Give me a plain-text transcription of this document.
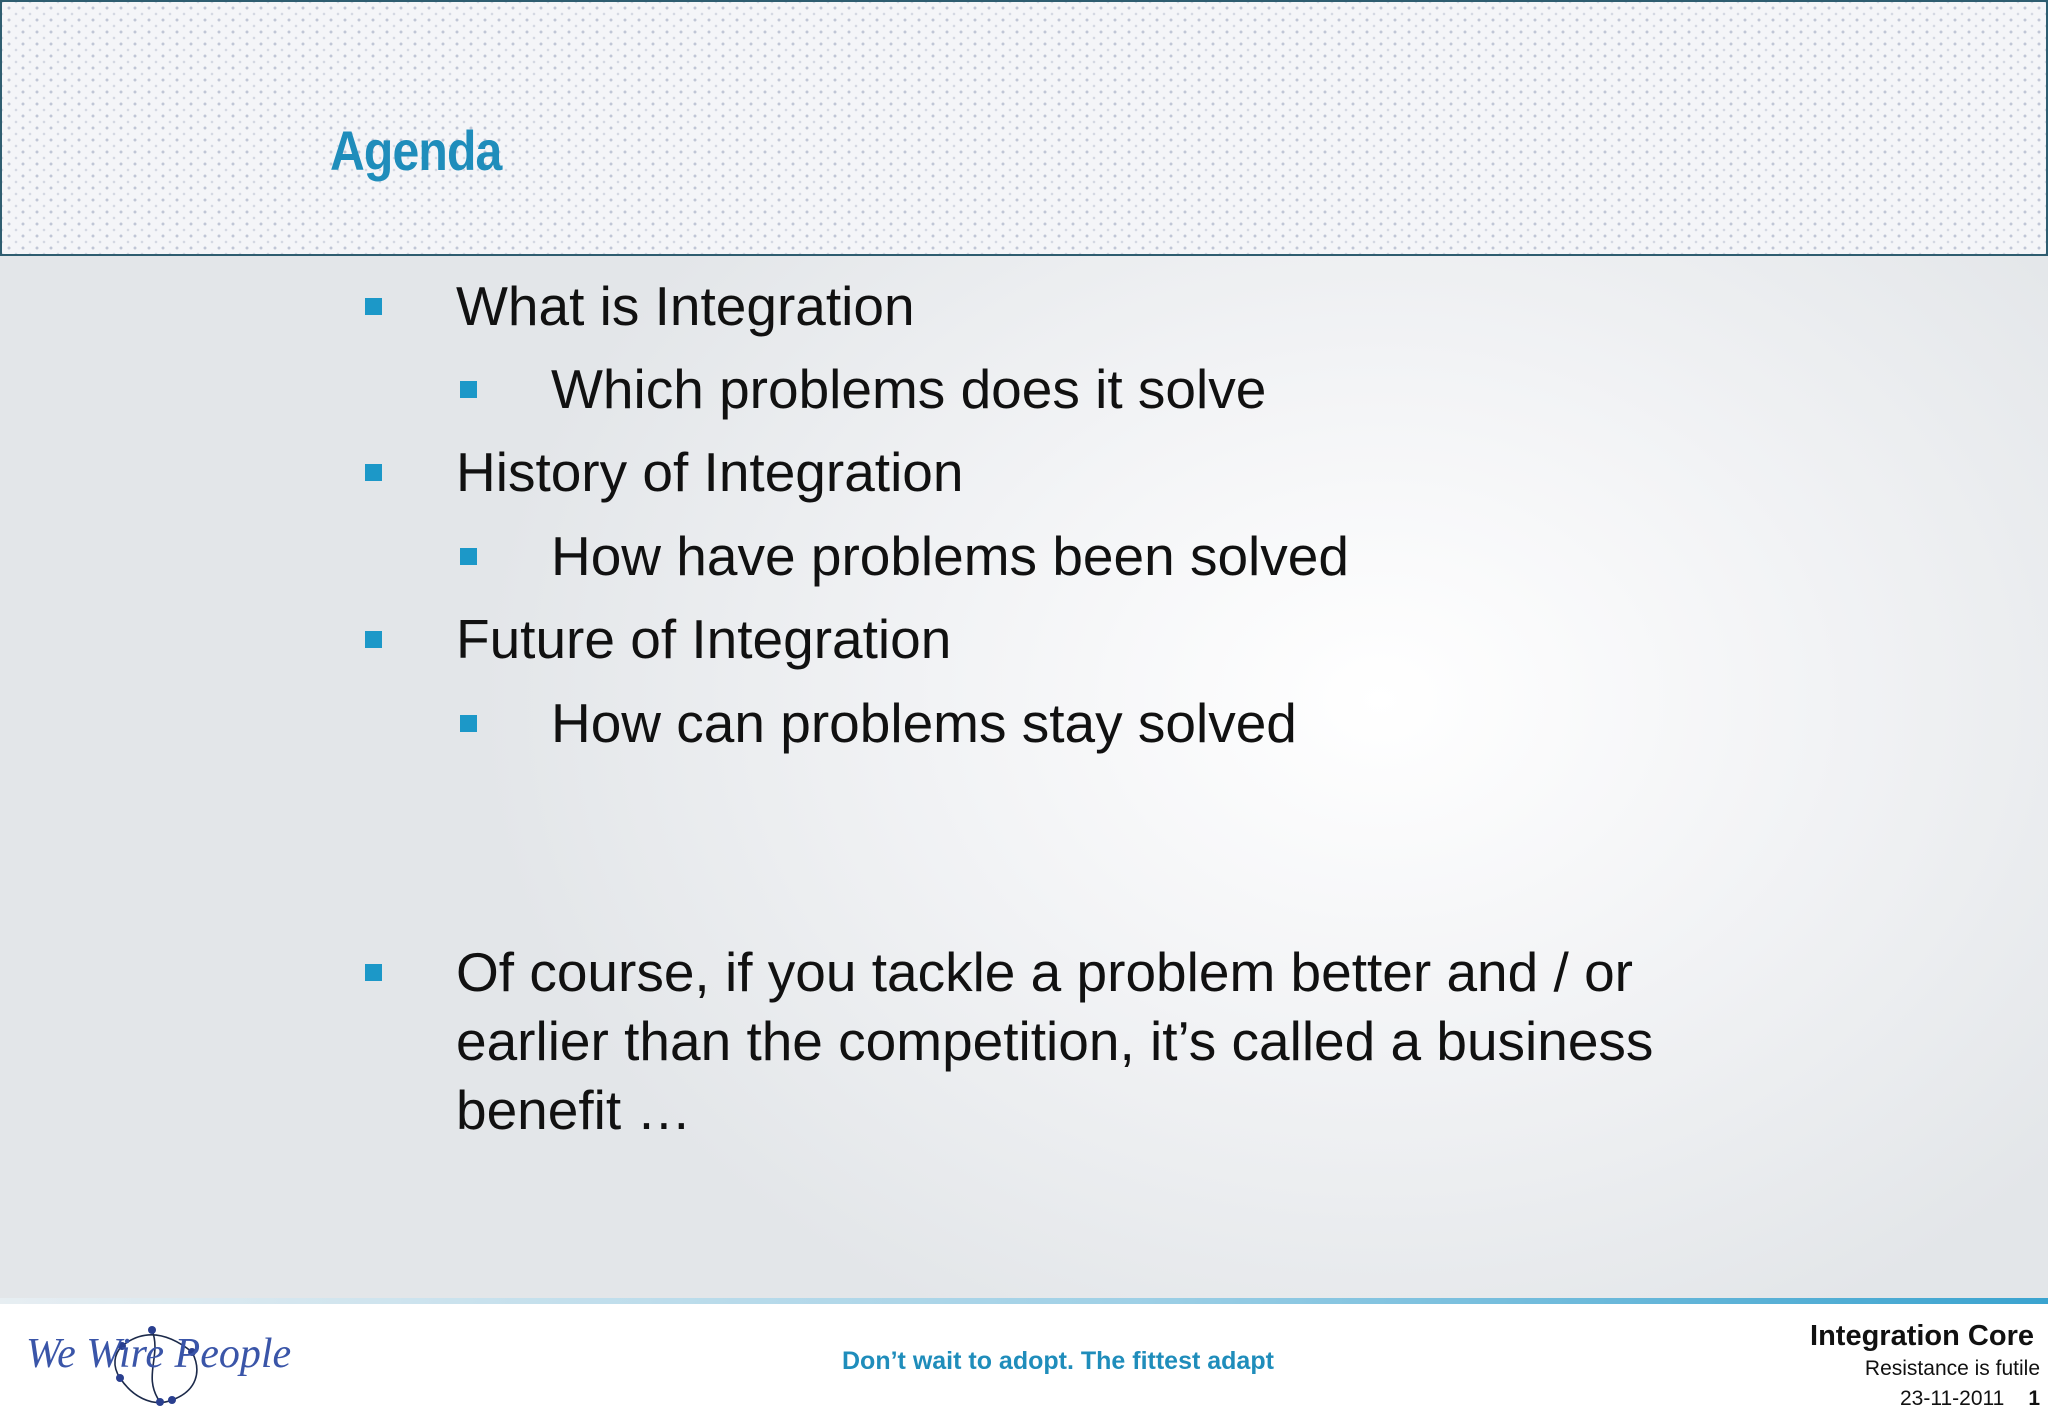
Agenda
What is Integration
Which problems does it solve
History of Integration
How have problems been solved
Future of Integration
How can problems stay solved
Of course, if you tackle a problem better and / or earlier than the competition, it’s called a business benefit …
We Wire People	Don’t wait to adopt. The fittest adapt
Integration Core
Resistance is futile
23-11-2011 1
